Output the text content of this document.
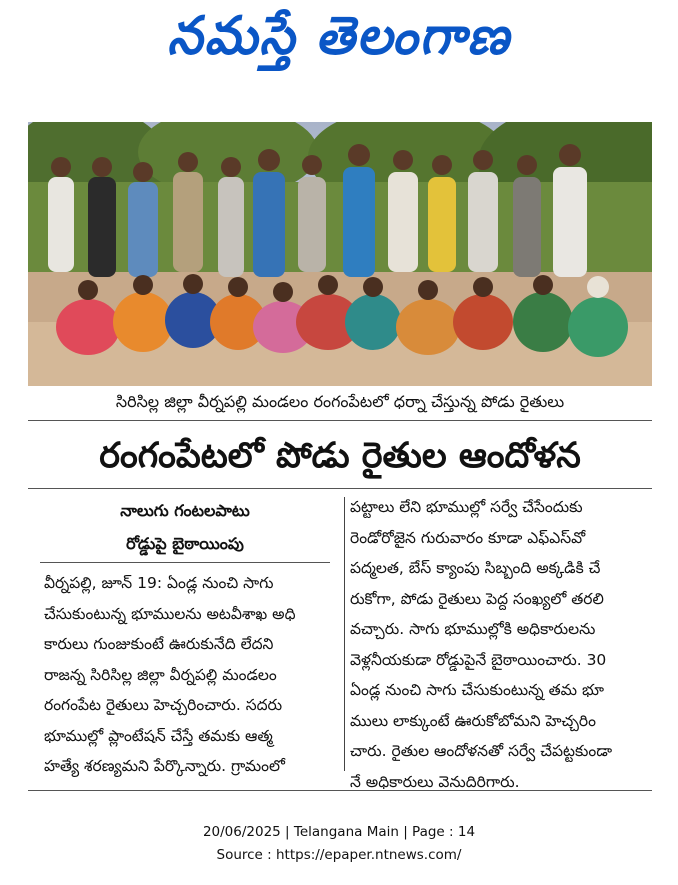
నమస్తే తెలంగాణ
సిరిసిల్ల జిల్లా వీర్నపల్లి మండలం రంగంపేటలో ధర్నా చేస్తున్న పోడు రైతులు
రంగంపేటలో పోడు రైతుల ఆందోళన
నాలుగు గంటలపాటు
రోడ్డుపై బైఠాయింపు
వీర్నపల్లి, జూన్ 19: ఏండ్ల నుంచి సాగు
చేసుకుంటున్న భూములను అటవీశాఖ అధి
కారులు గుంజుకుంటే ఊరుకునేది లేదని
రాజన్న సిరిసిల్ల జిల్లా వీర్నపల్లి మండలం
రంగంపేట రైతులు హెచ్చరించారు. సదరు
భూముల్లో ప్లాంటేషన్ చేస్తే తమకు ఆత్మ
హత్యే శరణ్యమని పేర్కొన్నారు. గ్రామంలో
పట్టాలు లేని భూముల్లో సర్వే చేసేందుకు
రెండోరోజైన గురువారం కూడా ఎఫ్‌ఎస్‌వో
పద్మలత, బేస్ క్యాంపు సిబ్బంది అక్కడికి చే
రుకోగా, పోడు రైతులు పెద్ద సంఖ్యలో తరలి
వచ్చారు. సాగు భూముల్లోకి అధికారులను
వెళ్లనీయకుడా రోడ్డుపైనే బైఠాయించారు. 30
ఏండ్ల నుంచి సాగు చేసుకుంటున్న తమ భూ
ములు లాక్కుంటే ఊరుకోబోమని హెచ్చరిం
చారు. రైతుల ఆందోళనతో సర్వే చేపట్టకుండా
నే అధికారులు వెనుదిరిగారు.
20/06/2025 | Telangana Main | Page : 14
Source : https://epaper.ntnews.com/
